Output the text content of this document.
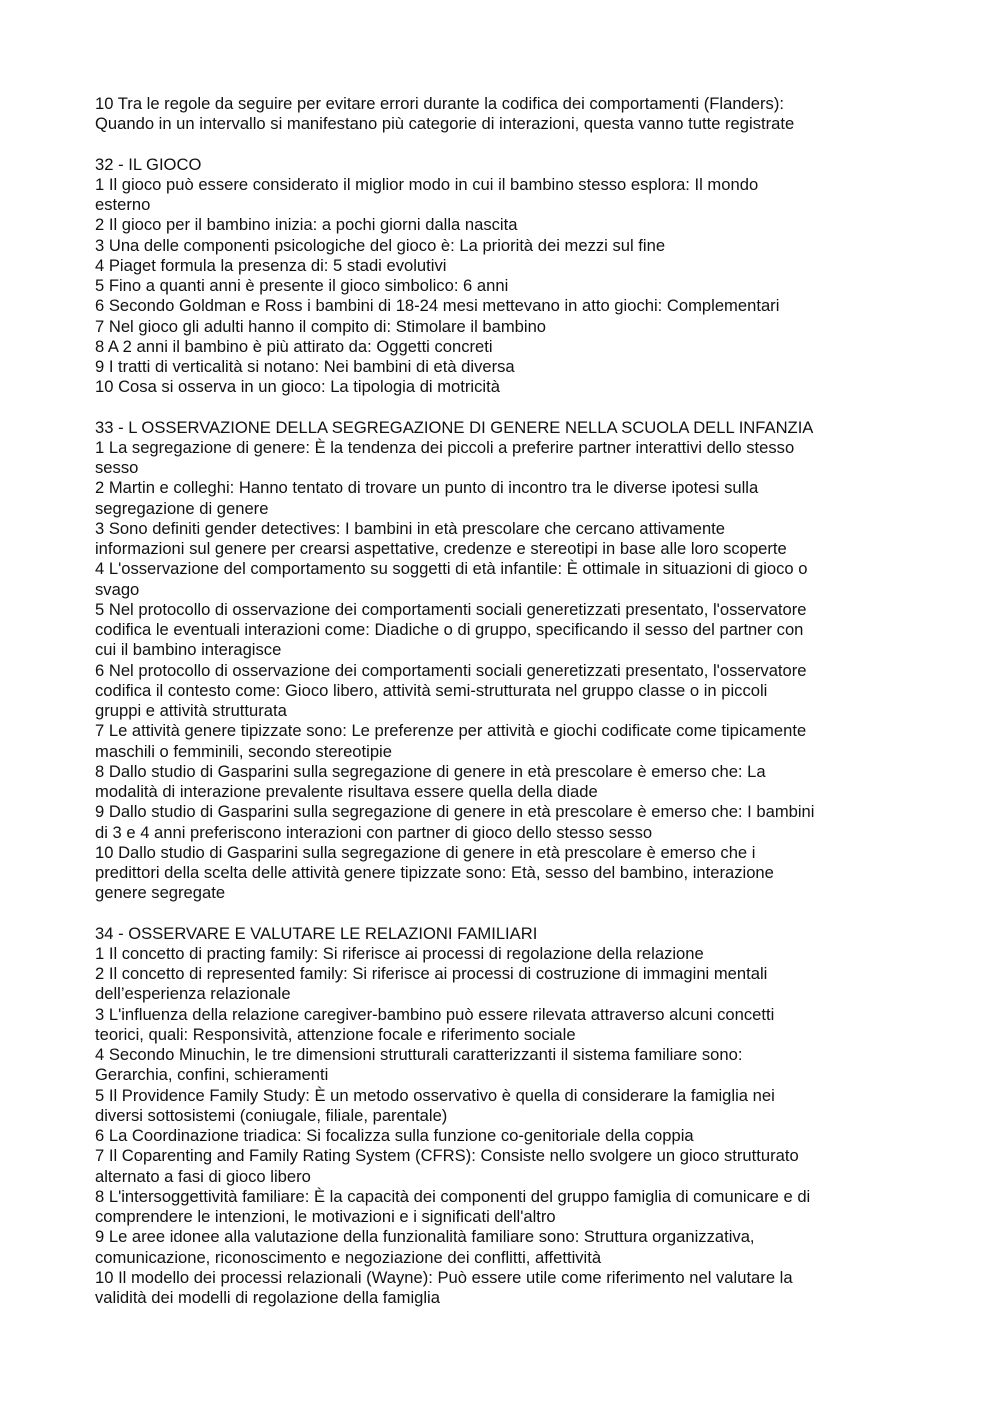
10 Tra le regole da seguire per evitare errori durante la codifica dei comportamenti (Flanders):
Quando in un intervallo si manifestano più categorie di interazioni, questa vanno tutte registrate
32 - IL GIOCO
1 Il gioco può essere considerato il miglior modo in cui il bambino stesso esplora: Il mondo
esterno
2 Il gioco per il bambino inizia: a pochi giorni dalla nascita
3 Una delle componenti psicologiche del gioco è: La priorità dei mezzi sul fine
4 Piaget formula la presenza di: 5 stadi evolutivi
5 Fino a quanti anni è presente il gioco simbolico: 6 anni
6 Secondo Goldman e Ross i bambini di 18-24 mesi mettevano in atto giochi: Complementari
7 Nel gioco gli adulti hanno il compito di: Stimolare il bambino
8 A 2 anni il bambino è più attirato da: Oggetti concreti
9 I tratti di verticalità si notano: Nei bambini di età diversa
10 Cosa si osserva in un gioco: La tipologia di motricità
33 - L OSSERVAZIONE DELLA SEGREGAZIONE DI GENERE NELLA SCUOLA DELL INFANZIA
1 La segregazione di genere: È la tendenza dei piccoli a preferire partner interattivi dello stesso
sesso
2 Martin e colleghi: Hanno tentato di trovare un punto di incontro tra le diverse ipotesi sulla
segregazione di genere
3 Sono definiti gender detectives: I bambini in età prescolare che cercano attivamente
informazioni sul genere per crearsi aspettative, credenze e stereotipi in base alle loro scoperte
4 L'osservazione del comportamento su soggetti di età infantile: È ottimale in situazioni di gioco o
svago
5 Nel protocollo di osservazione dei comportamenti sociali generetizzati presentato, l'osservatore
codifica le eventuali interazioni come: Diadiche o di gruppo, specificando il sesso del partner con
cui il bambino interagisce
6 Nel protocollo di osservazione dei comportamenti sociali generetizzati presentato, l'osservatore
codifica il contesto come: Gioco libero, attività semi-strutturata nel gruppo classe o in piccoli
gruppi e attività strutturata
7 Le attività genere tipizzate sono: Le preferenze per attività e giochi codificate come tipicamente
maschili o femminili, secondo stereotipie
8 Dallo studio di Gasparini sulla segregazione di genere in età prescolare è emerso che: La
modalità di interazione prevalente risultava essere quella della diade
9 Dallo studio di Gasparini sulla segregazione di genere in età prescolare è emerso che: I bambini
di 3 e 4 anni preferiscono interazioni con partner di gioco dello stesso sesso
10 Dallo studio di Gasparini sulla segregazione di genere in età prescolare è emerso che i
predittori della scelta delle attività genere tipizzate sono: Età, sesso del bambino, interazione
genere segregate
34 - OSSERVARE E VALUTARE LE RELAZIONI FAMILIARI
1 Il concetto di practing family: Si riferisce ai processi di regolazione della relazione
2 Il concetto di represented family: Si riferisce ai processi di costruzione di immagini mentali
dell’esperienza relazionale
3 L'influenza della relazione caregiver-bambino può essere rilevata attraverso alcuni concetti
teorici, quali: Responsività, attenzione focale e riferimento sociale
4 Secondo Minuchin, le tre dimensioni strutturali caratterizzanti il sistema familiare sono:
Gerarchia, confini, schieramenti
5 Il Providence Family Study: È un metodo osservativo è quella di considerare la famiglia nei
diversi sottosistemi (coniugale, filiale, parentale)
6 La Coordinazione triadica: Si focalizza sulla funzione co-genitoriale della coppia
7 Il Coparenting and Family Rating System (CFRS): Consiste nello svolgere un gioco strutturato
alternato a fasi di gioco libero
8 L'intersoggettività familiare: È la capacità dei componenti del gruppo famiglia di comunicare e di
comprendere le intenzioni, le motivazioni e i significati dell'altro
9 Le aree idonee alla valutazione della funzionalità familiare sono: Struttura organizzativa,
comunicazione, riconoscimento e negoziazione dei conflitti, affettività
10 Il modello dei processi relazionali (Wayne): Può essere utile come riferimento nel valutare la
validità dei modelli di regolazione della famiglia
